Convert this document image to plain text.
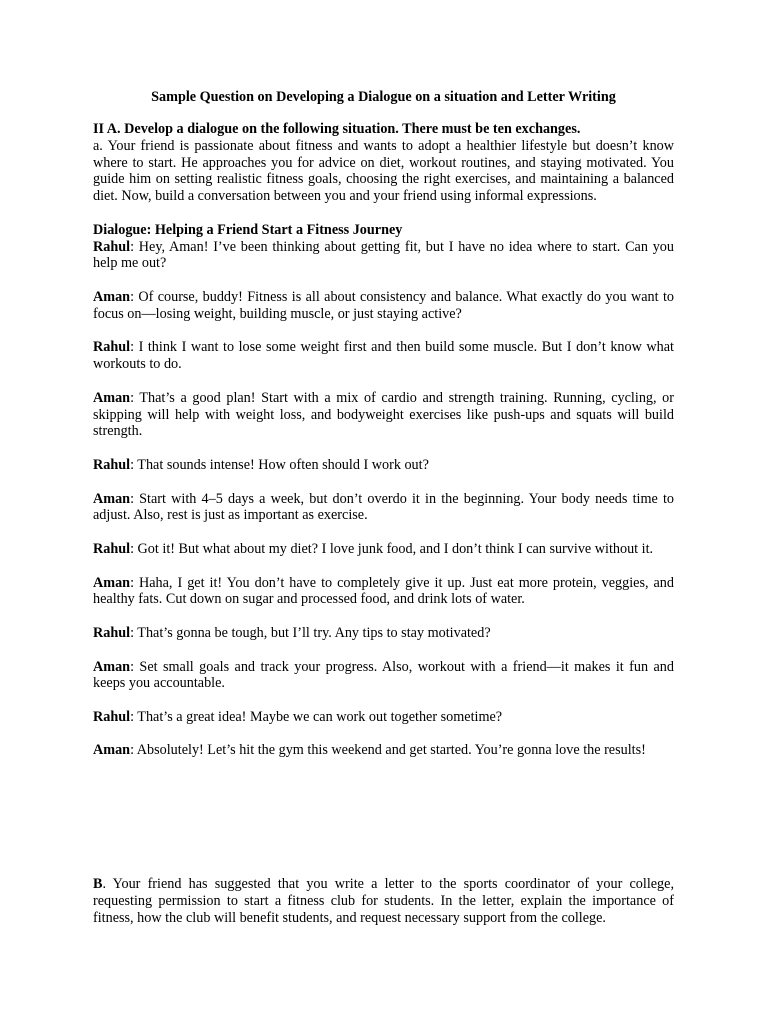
Sample Question on Developing a Dialogue on a situation and Letter Writing

II A. Develop a dialogue on the following situation. There must be ten exchanges.

a. Your friend is passionate about fitness and wants to adopt a healthier lifestyle but doesn’t know where to start. He approaches you for advice on diet, workout routines, and staying motivated. You guide him on setting realistic fitness goals, choosing the right exercises, and maintaining a balanced diet. Now, build a conversation between you and your friend using informal expressions.

Dialogue: Helping a Friend Start a Fitness Journey

Rahul: Hey, Aman! I’ve been thinking about getting fit, but I have no idea where to start. Can you help me out?

Aman: Of course, buddy! Fitness is all about consistency and balance. What exactly do you want to focus on—losing weight, building muscle, or just staying active?

Rahul: I think I want to lose some weight first and then build some muscle. But I don’t know what workouts to do.

Aman: That’s a good plan! Start with a mix of cardio and strength training. Running, cycling, or skipping will help with weight loss, and bodyweight exercises like push-ups and squats will build strength.

Rahul: That sounds intense! How often should I work out?

Aman: Start with 4–5 days a week, but don’t overdo it in the beginning. Your body needs time to adjust. Also, rest is just as important as exercise.

Rahul: Got it! But what about my diet? I love junk food, and I don’t think I can survive without it.

Aman: Haha, I get it! You don’t have to completely give it up. Just eat more protein, veggies, and healthy fats. Cut down on sugar and processed food, and drink lots of water.

Rahul: That’s gonna be tough, but I’ll try. Any tips to stay motivated?

Aman: Set small goals and track your progress. Also, workout with a friend—it makes it fun and keeps you accountable.

Rahul: That’s a great idea! Maybe we can work out together sometime?

Aman: Absolutely! Let’s hit the gym this weekend and get started. You’re gonna love the results!

B. Your friend has suggested that you write a letter to the sports coordinator of your college, requesting permission to start a fitness club for students. In the letter, explain the importance of fitness, how the club will benefit students, and request necessary support from the college.
